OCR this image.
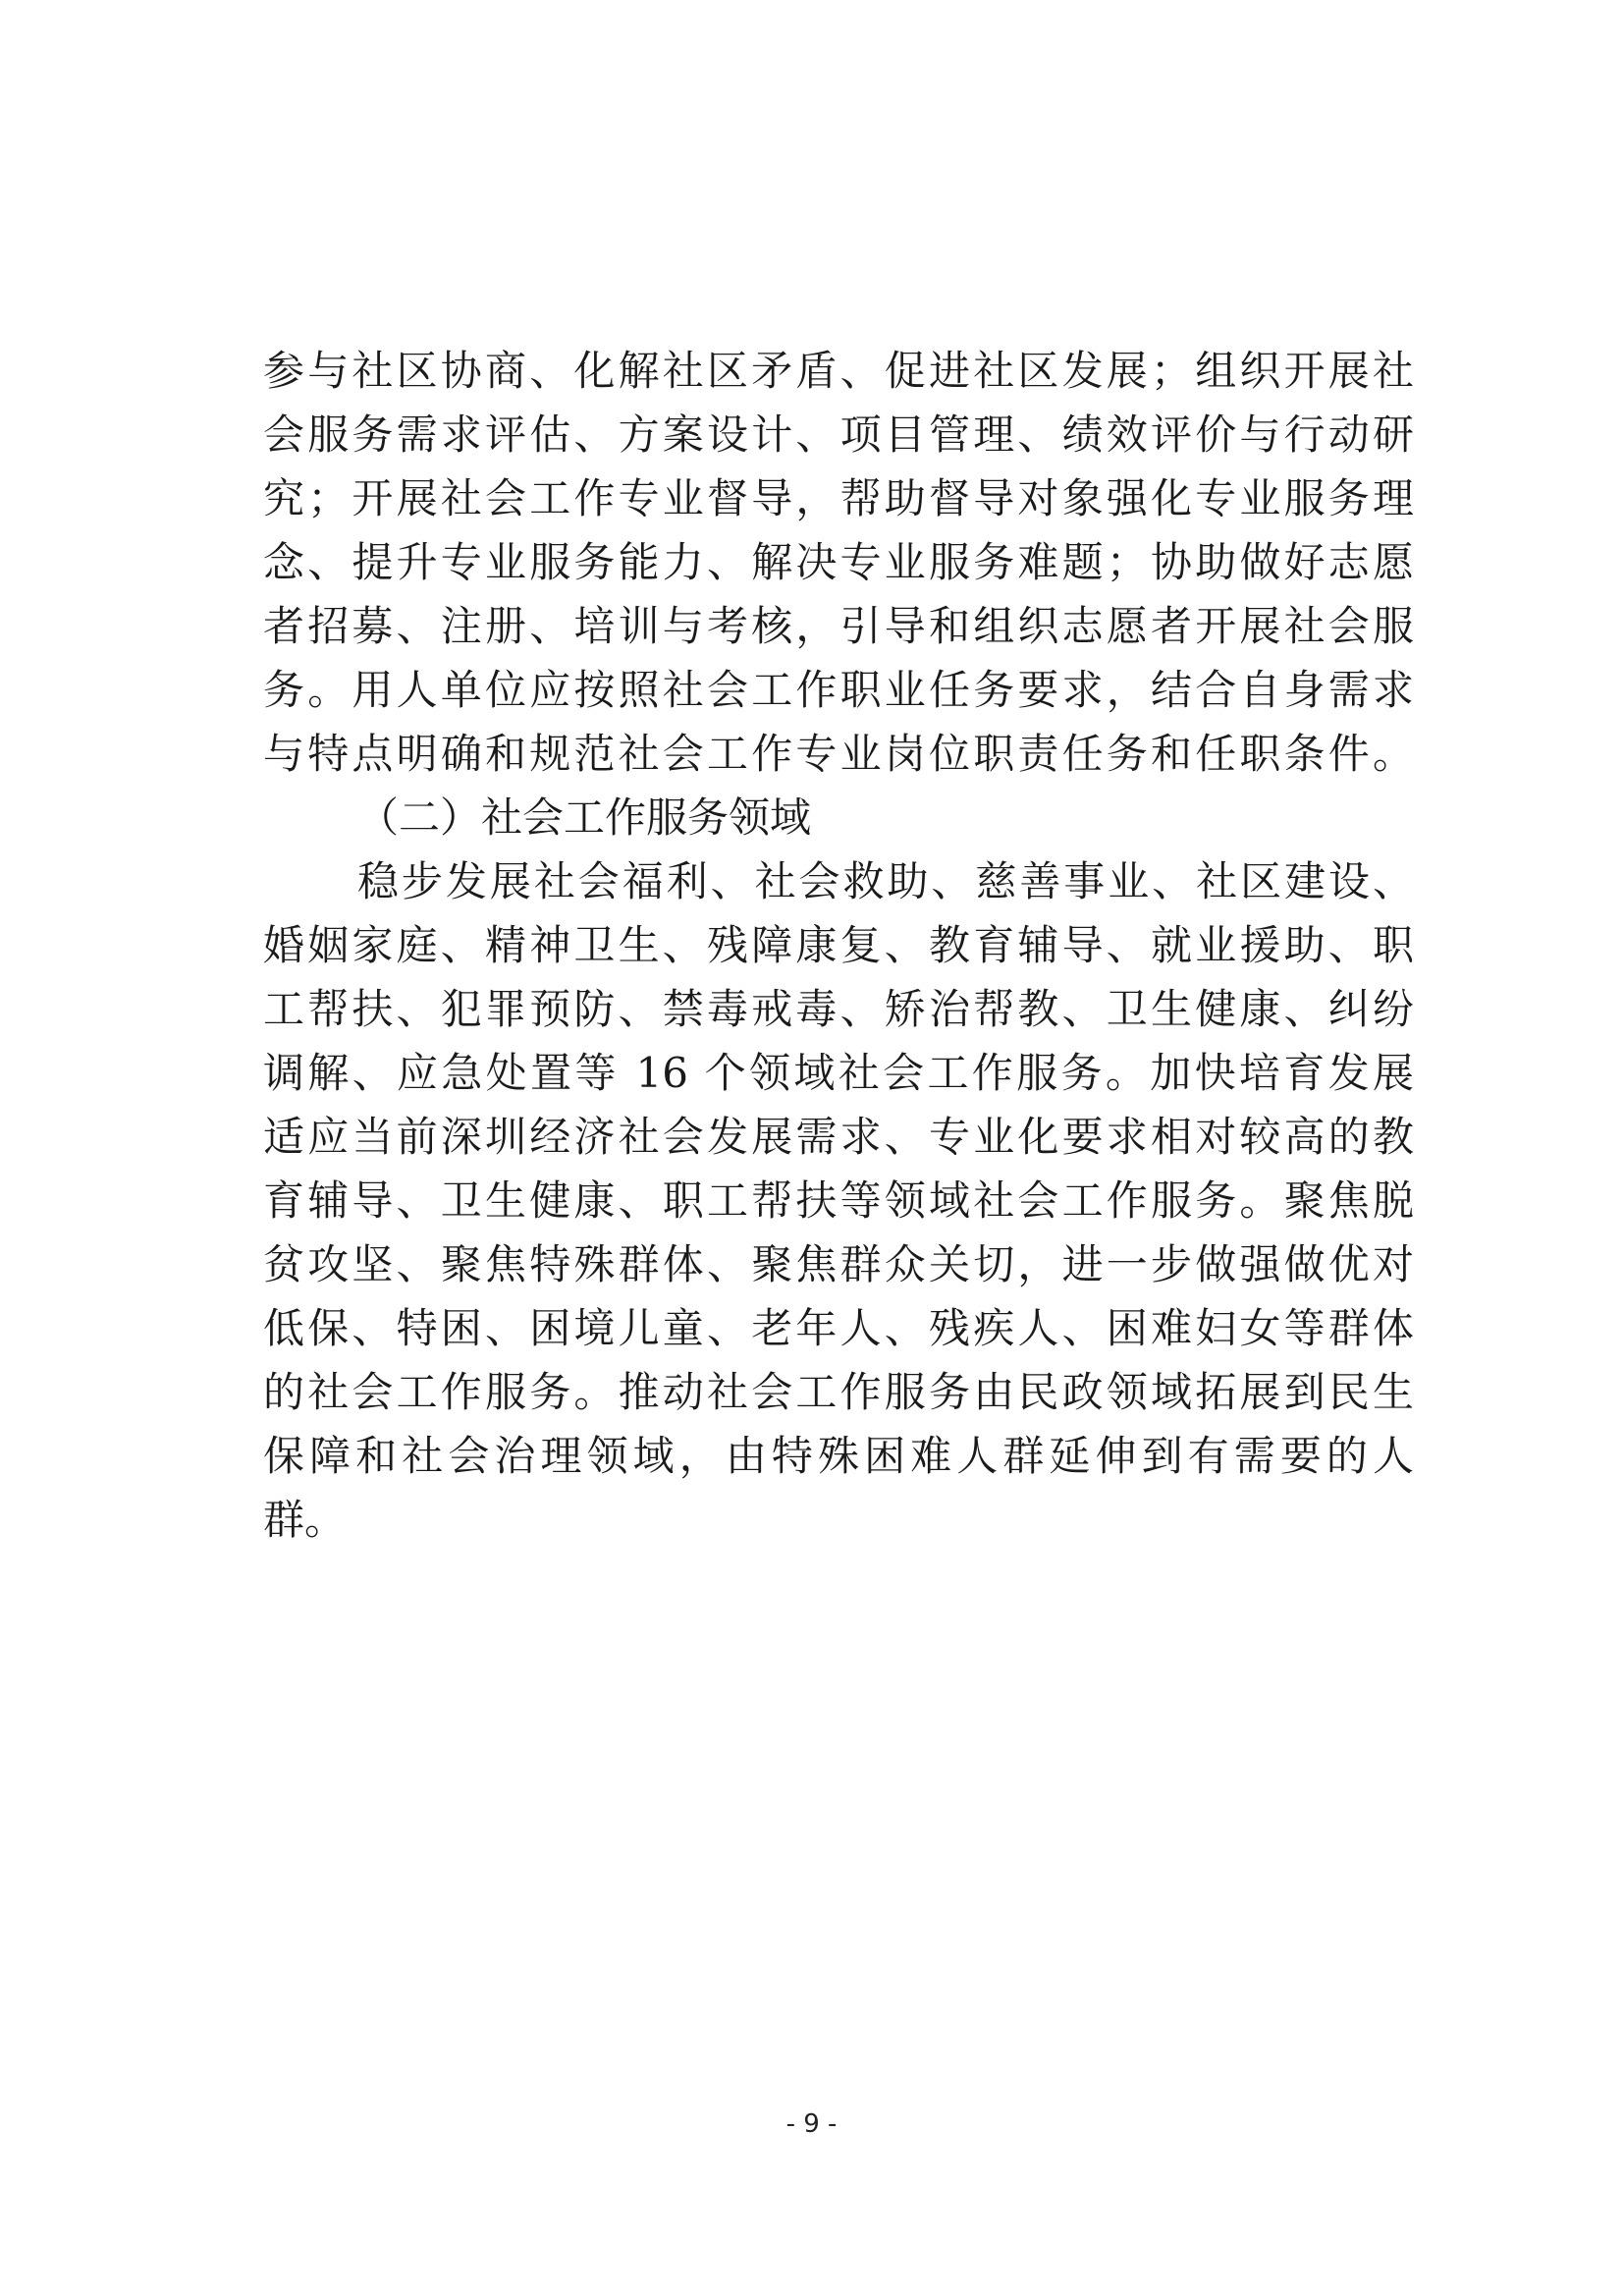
参与社区协商、化解社区矛盾、促进社区发展；组织开展社
会服务需求评估、方案设计、项目管理、绩效评价与行动研
究；开展社会工作专业督导，帮助督导对象强化专业服务理
念、提升专业服务能力、解决专业服务难题；协助做好志愿
者招募、注册、培训与考核，引导和组织志愿者开展社会服
务。用人单位应按照社会工作职业任务要求，结合自身需求
与特点明确和规范社会工作专业岗位职责任务和任职条件。
（二）社会工作服务领域
稳步发展社会福利、社会救助、慈善事业、社区建设、
婚姻家庭、精神卫生、残障康复、教育辅导、就业援助、职
工帮扶、犯罪预防、禁毒戒毒、矫治帮教、卫生健康、纠纷
调解、应急处置等 16 个领域社会工作服务。加快培育发展
适应当前深圳经济社会发展需求、专业化要求相对较高的教
育辅导、卫生健康、职工帮扶等领域社会工作服务。聚焦脱
贫攻坚、聚焦特殊群体、聚焦群众关切，进一步做强做优对
低保、特困、困境儿童、老年人、残疾人、困难妇女等群体
的社会工作服务。推动社会工作服务由民政领域拓展到民生
保障和社会治理领域，由特殊困难人群延伸到有需要的人
群。
- 9 -
